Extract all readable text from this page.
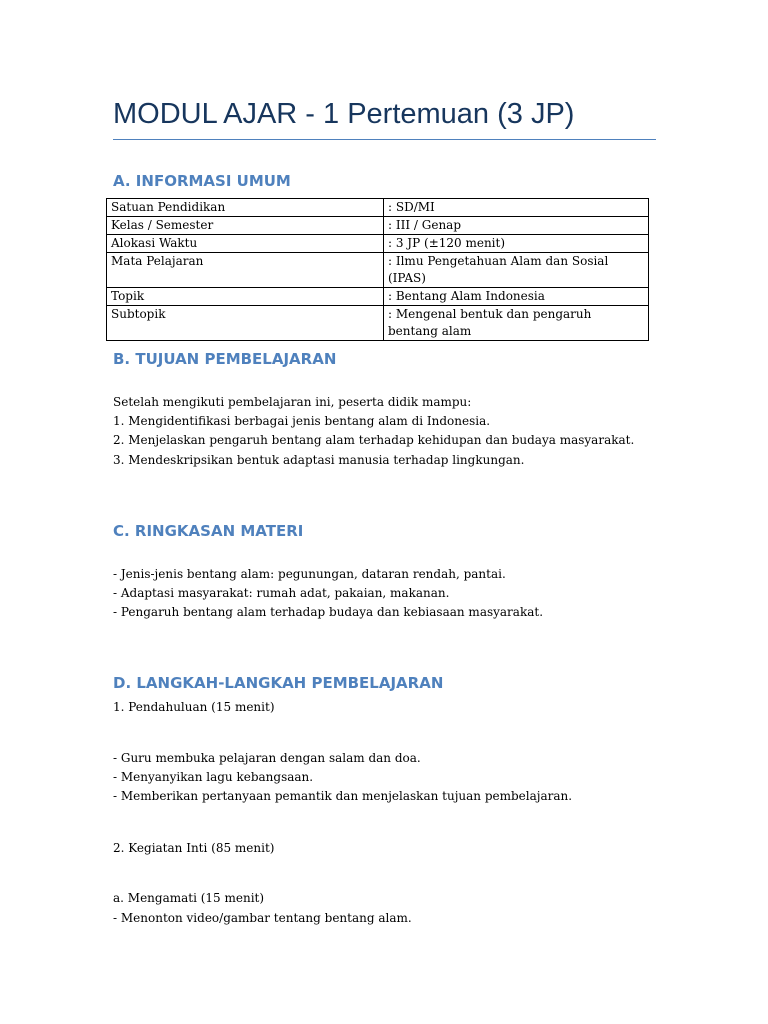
MODUL AJAR - 1 Pertemuan (3 JP)
A. INFORMASI UMUM
Satuan Pendidikan	: SD/MI
Kelas / Semester	: III / Genap
Alokasi Waktu	: 3 JP (±120 menit)
Mata Pelajaran	: Ilmu Pengetahuan Alam dan Sosial (IPAS)
Topik	: Bentang Alam Indonesia
Subtopik	: Mengenal bentuk dan pengaruh bentang alam
B. TUJUAN PEMBELAJARAN
Setelah mengikuti pembelajaran ini, peserta didik mampu:
1. Mengidentifikasi berbagai jenis bentang alam di Indonesia.
2. Menjelaskan pengaruh bentang alam terhadap kehidupan dan budaya masyarakat.
3. Mendeskripsikan bentuk adaptasi manusia terhadap lingkungan.
C. RINGKASAN MATERI
- Jenis-jenis bentang alam: pegunungan, dataran rendah, pantai.
- Adaptasi masyarakat: rumah adat, pakaian, makanan.
- Pengaruh bentang alam terhadap budaya dan kebiasaan masyarakat.
D. LANGKAH-LANGKAH PEMBELAJARAN
1. Pendahuluan (15 menit)
- Guru membuka pelajaran dengan salam dan doa.
- Menyanyikan lagu kebangsaan.
- Memberikan pertanyaan pemantik dan menjelaskan tujuan pembelajaran.
2. Kegiatan Inti (85 menit)
a. Mengamati (15 menit)
- Menonton video/gambar tentang bentang alam.
